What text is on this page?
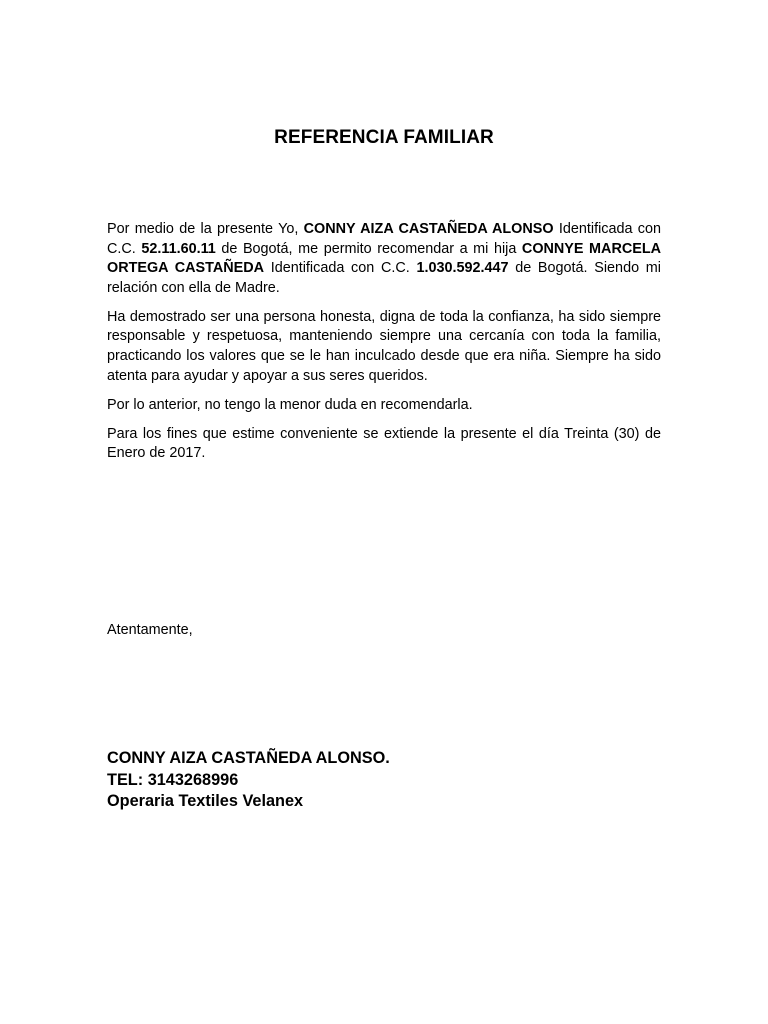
REFERENCIA FAMILIAR

Por medio de la presente Yo, CONNY AIZA CASTAÑEDA ALONSO Identificada con C.C. 52.11.60.11 de Bogotá, me permito recomendar a mi hija CONNYE MARCELA ORTEGA CASTAÑEDA Identificada con C.C. 1.030.592.447 de Bogotá. Siendo mi relación con ella de Madre.

Ha demostrado ser una persona honesta, digna de toda la confianza, ha sido siempre responsable y respetuosa, manteniendo siempre una cercanía con toda la familia, practicando los valores que se le han inculcado desde que era niña. Siempre ha sido atenta para ayudar y apoyar a sus seres queridos.

Por lo anterior, no tengo la menor duda en recomendarla.

Para los fines que estime conveniente se extiende la presente el día Treinta (30) de Enero de 2017.

Atentamente,
CONNY AIZA CASTAÑEDA ALONSO.
TEL: 3143268996
Operaria Textiles Velanex
